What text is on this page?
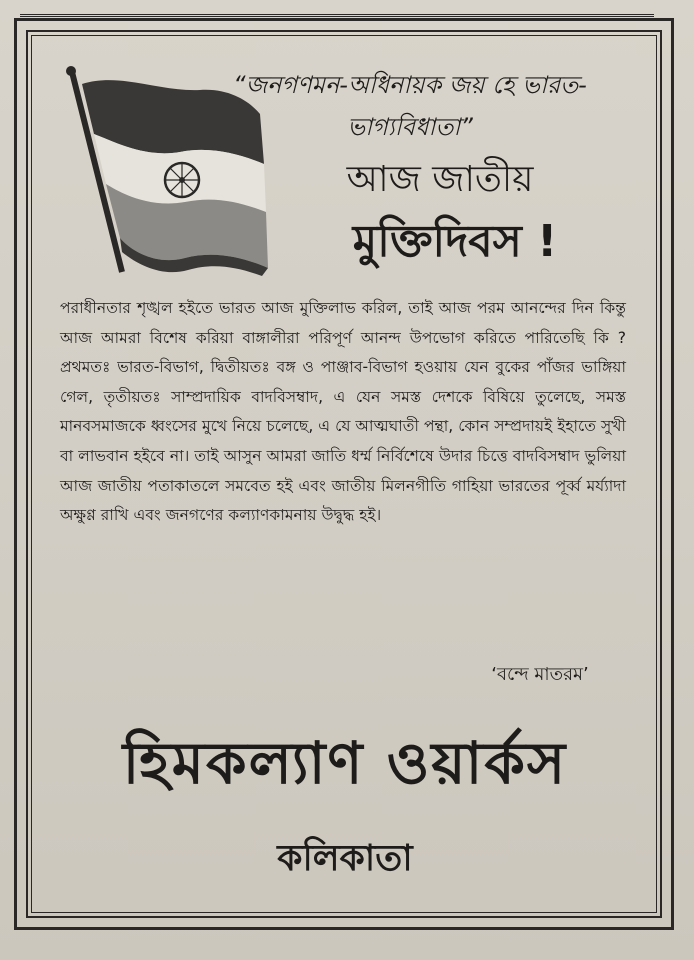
“জনগণমন-অধিনায়ক জয় হে ভারত-ভাগ্যবিধাতা”
আজ জাতীয়
মুক্তিদিবস !
পরাধীনতার শৃঙ্খল হইতে ভারত আজ মুক্তিলাভ করিল, তাই আজ পরম আনন্দের দিন কিন্তু আজ আমরা বিশেষ করিয়া বাঙ্গালীরা পরিপূর্ণ আনন্দ উপভোগ করিতে পারিতেছি কি ? প্রথমতঃ ভারত-বিভাগ, দ্বিতীয়তঃ বঙ্গ ও পাঞ্জাব-বিভাগ হওয়ায় যেন বুকের পাঁজর ভাঙ্গিয়া গেল, তৃতীয়তঃ সাম্প্রদায়িক বাদবিসম্বাদ, এ যেন সমস্ত দেশকে বিষিয়ে তুলেছে, সমস্ত মানবসমাজকে ধ্বংসের মুখে নিয়ে চলেছে, এ যে আত্মঘাতী পন্থা, কোন সম্প্রদায়ই ইহাতে সুখী বা লাভবান হইবে না। তাই আসুন আমরা জাতি ধর্ম্ম নির্বিশেষে উদার চিত্তে বাদবিসম্বাদ ভুলিয়া আজ জাতীয় পতাকাতলে সমবেত হই এবং জাতীয় মিলনগীতি গাহিয়া ভারতের পূর্ব্ব মর্য্যাদা অক্ষুণ্ণ রাখি এবং জনগণের কল্যাণকামনায় উদ্বুদ্ধ হই।
‘বন্দে মাতরম’
হিমকল্যাণ ওয়ার্কস
কলিকাতা
